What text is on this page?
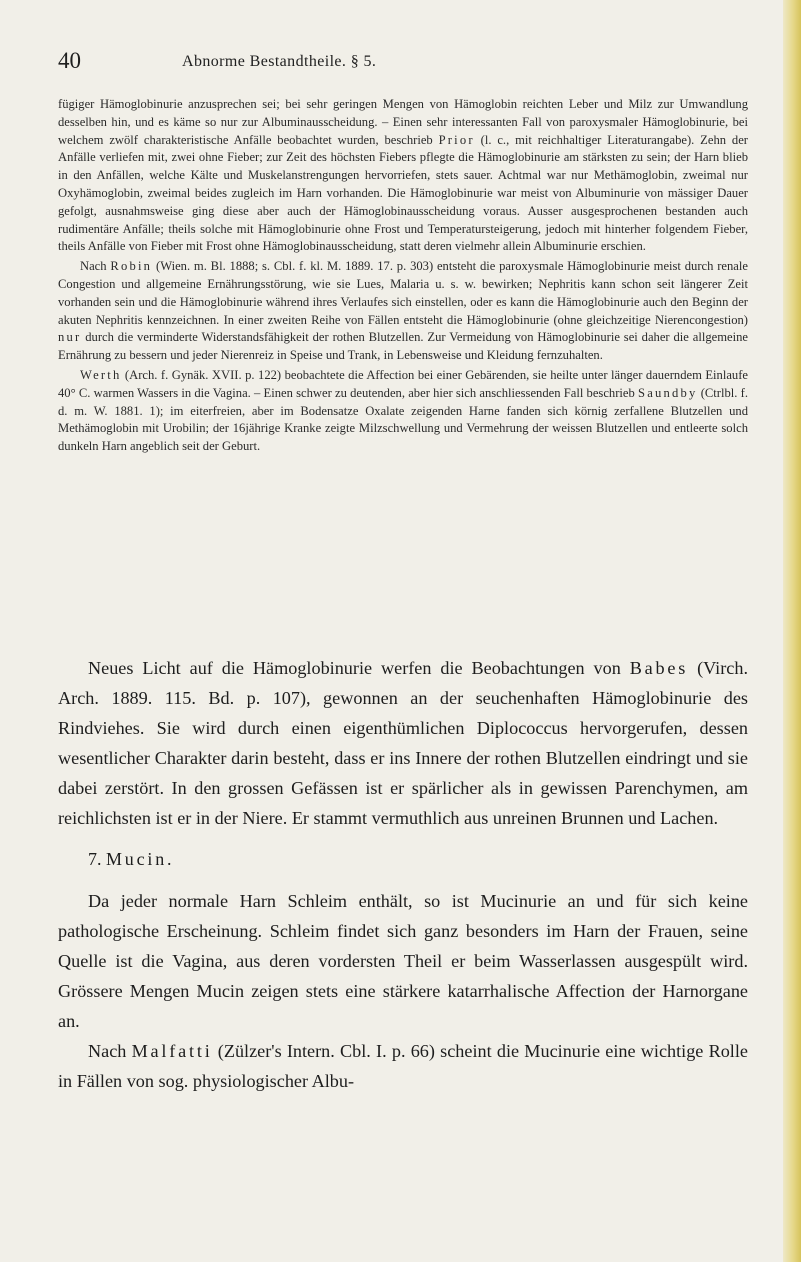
40	Abnorme Bestandtheile. § 5.

fügiger Hämoglobinurie anzusprechen sei; bei sehr geringen Mengen von Hämoglobin reichten Leber und Milz zur Umwandlung desselben hin, und es käme so nur zur Albuminausscheidung. – Einen sehr interessanten Fall von paroxysmaler Hämoglobinurie, bei welchem zwölf charakteristische Anfälle beobachtet wurden, beschrieb Prior (l. c., mit reichhaltiger Literaturangabe). Zehn der Anfälle verliefen mit, zwei ohne Fieber; zur Zeit des höchsten Fiebers pflegte die Hämoglobinurie am stärksten zu sein; der Harn blieb in den Anfällen, welche Kälte und Muskelanstrengungen hervorriefen, stets sauer. Achtmal war nur Methämoglobin, zweimal nur Oxyhämoglobin, zweimal beides zugleich im Harn vorhanden. Die Hämoglobinurie war meist von Albuminurie von mässiger Dauer gefolgt, ausnahmsweise ging diese aber auch der Hämoglobinausscheidung voraus. Ausser ausgesprochenen bestanden auch rudimentäre Anfälle; theils solche mit Hämoglobinurie ohne Frost und Temperatursteigerung, jedoch mit hinterher folgendem Fieber, theils Anfälle von Fieber mit Frost ohne Hämoglobinausscheidung, statt deren vielmehr allein Albuminurie erschien.

Nach Robin (Wien. m. Bl. 1888; s. Cbl. f. kl. M. 1889. 17. p. 303) entsteht die paroxysmale Hämoglobinurie meist durch renale Congestion und allgemeine Ernährungsstörung, wie sie Lues, Malaria u. s. w. bewirken; Nephritis kann schon seit längerer Zeit vorhanden sein und die Hämoglobinurie während ihres Verlaufes sich einstellen, oder es kann die Hämoglobinurie auch den Beginn der akuten Nephritis kennzeichnen. In einer zweiten Reihe von Fällen entsteht die Hämoglobinurie (ohne gleichzeitige Nierencongestion) nur durch die verminderte Widerstandsfähigkeit der rothen Blutzellen. Zur Vermeidung von Hämoglobinurie sei daher die allgemeine Ernährung zu bessern und jeder Nierenreiz in Speise und Trank, in Lebensweise und Kleidung fernzuhalten.

Werth (Arch. f. Gynäk. XVII. p. 122) beobachtete die Affection bei einer Gebärenden, sie heilte unter länger dauerndem Einlaufe 40° C. warmen Wassers in die Vagina. – Einen schwer zu deutenden, aber hier sich anschliessenden Fall beschrieb Saundby (Ctrlbl. f. d. m. W. 1881. 1); im eiterfreien, aber im Bodensatze Oxalate zeigenden Harne fanden sich körnig zerfallene Blutzellen und Methämoglobin mit Urobilin; der 16jährige Kranke zeigte Milzschwellung und Vermehrung der weissen Blutzellen und entleerte solch dunkeln Harn angeblich seit der Geburt.

Neues Licht auf die Hämoglobinurie werfen die Beobachtungen von Babes (Virch. Arch. 1889. 115. Bd. p. 107), gewonnen an der seuchenhaften Hämoglobinurie des Rindviehes. Sie wird durch einen eigenthümlichen Diplococcus hervorgerufen, dessen wesentlicher Charakter darin besteht, dass er ins Innere der rothen Blutzellen eindringt und sie dabei zerstört. In den grossen Gefässen ist er spärlicher als in gewissen Parenchymen, am reichlichsten ist er in der Niere. Er stammt vermuthlich aus unreinen Brunnen und Lachen.

7. Mucin.

Da jeder normale Harn Schleim enthält, so ist Mucinurie an und für sich keine pathologische Erscheinung. Schleim findet sich ganz besonders im Harn der Frauen, seine Quelle ist die Vagina, aus deren vordersten Theil er beim Wasserlassen ausgespült wird. Grössere Mengen Mucin zeigen stets eine stärkere katarrhalische Affection der Harnorgane an.

Nach Malfatti (Zülzer's Intern. Cbl. I. p. 66) scheint die Mucinurie eine wichtige Rolle in Fällen von sog. physiologischer Albu-
